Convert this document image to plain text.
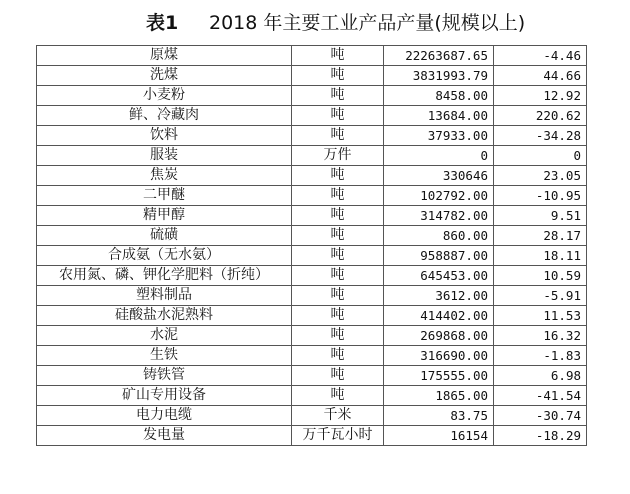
表1 2018 年主要工业产品产量(规模以上)
原煤	吨	22263687.65	-4.46
洗煤	吨	3831993.79	44.66
小麦粉	吨	8458.00	12.92
鲜、冷藏肉	吨	13684.00	220.62
饮料	吨	37933.00	-34.28
服装	万件	0	0
焦炭	吨	330646	23.05
二甲醚	吨	102792.00	-10.95
精甲醇	吨	314782.00	9.51
硫磺	吨	860.00	28.17
合成氨（无水氨）	吨	958887.00	18.11
农用氮、磷、钾化学肥料（折纯）	吨	645453.00	10.59
塑料制品	吨	3612.00	-5.91
硅酸盐水泥熟料	吨	414402.00	11.53
水泥	吨	269868.00	16.32
生铁	吨	316690.00	-1.83
铸铁管	吨	175555.00	6.98
矿山专用设备	吨	1865.00	-41.54
电力电缆	千米	83.75	-30.74
发电量	万千瓦小时	16154	-18.29
